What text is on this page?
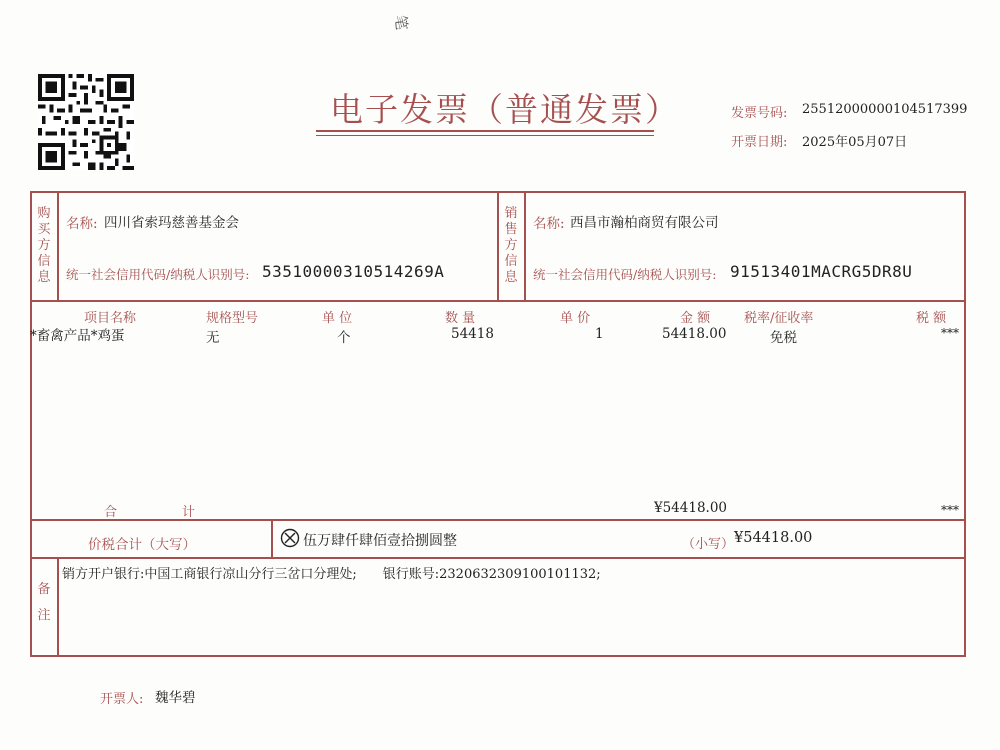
笔
电子发票（普通发票）	发票号码: 25512000000104517399
开票日期: 2025年05月07日
购
买
方
信
息
名称: 四川省索玛慈善基金会
统一社会信用代码/纳税人识别号: 53510000310514269A
销
售
方
信
息
名称: 西昌市瀚柏商贸有限公司
统一社会信用代码/纳税人识别号: 91513401MACRG5DR8U
项目名称	规格型号	单 位	数 量	单 价	金 额	税率/征收率	税 额
*畜禽产品*鸡蛋	无	个	54418	1	54418.00	免税	***
合	计	¥54418.00	***
价税合计（大写）	伍万肆仟肆佰壹拾捌圆整	（小写） ¥54418.00
备
注
销方开户银行:中国工商银行凉山分行三岔口分理处;　　银行账号:2320632309100101132;
开票人: 魏华碧
